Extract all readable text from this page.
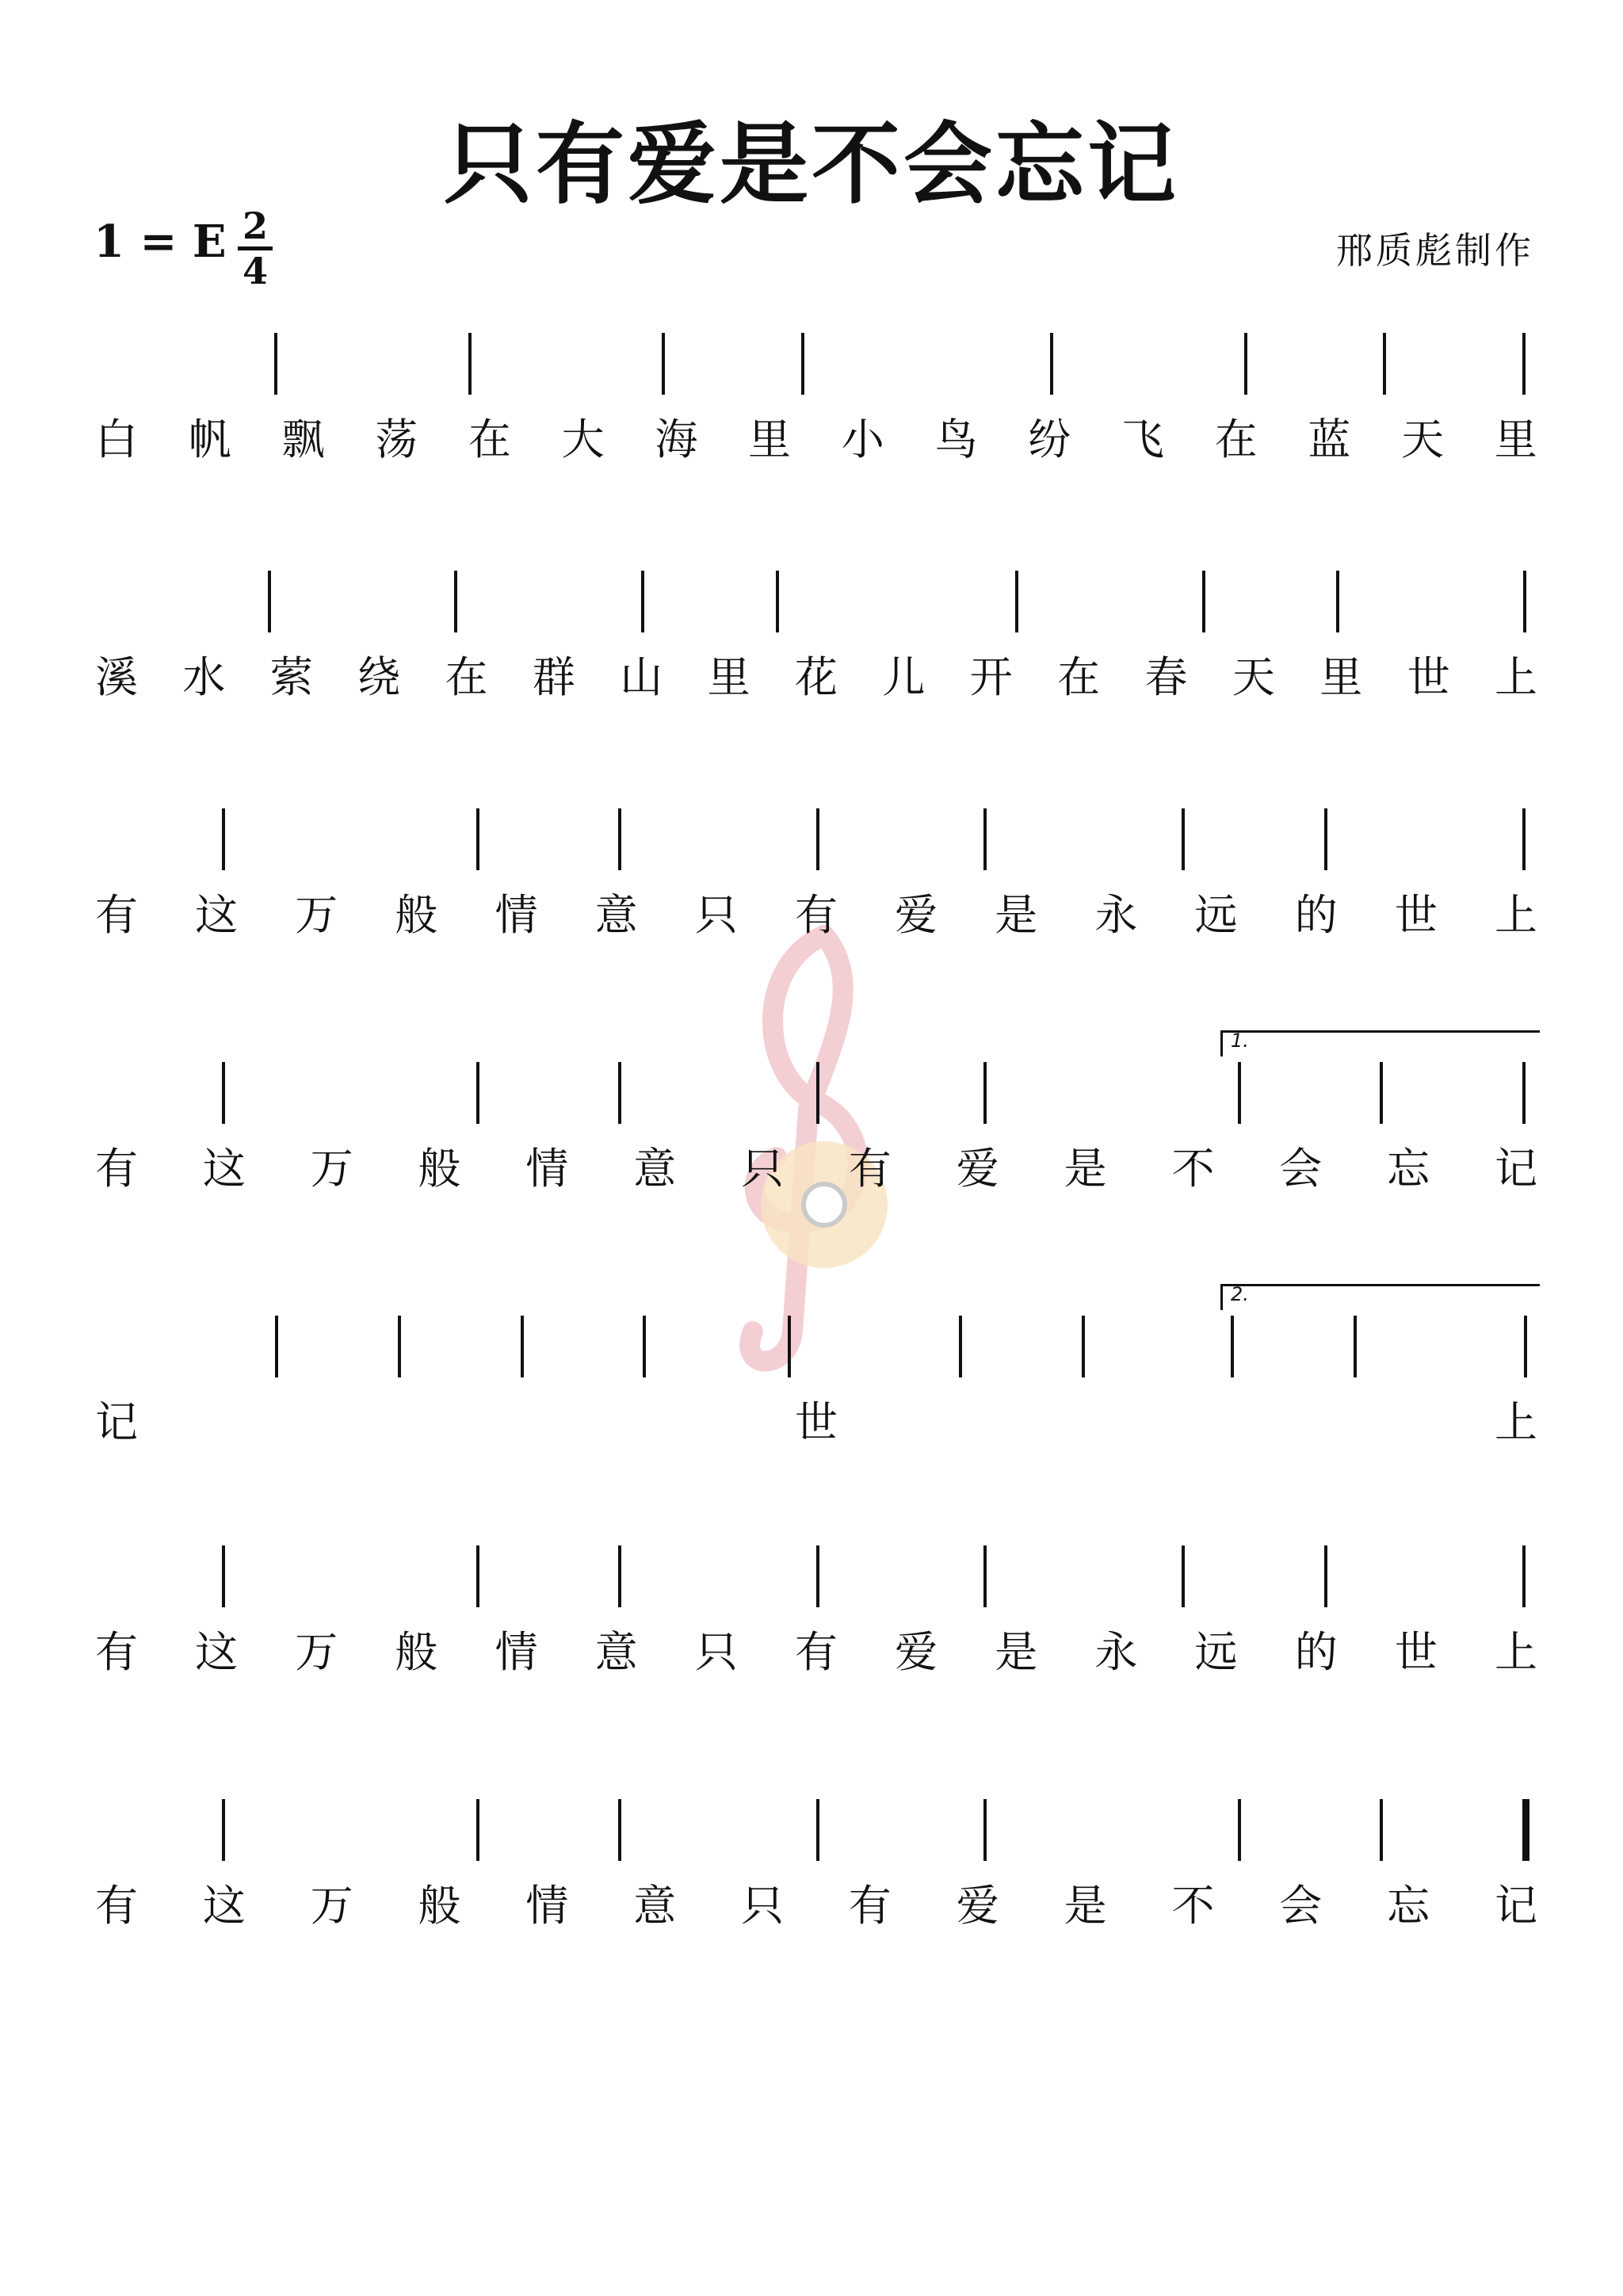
只有爱是不会忘记
1 = E 2
4	邢质彪制作
白 帆 飘 荡 在 大 海 里 小 鸟 纷 飞 在 蓝 天 里
溪 水 萦 绕 在 群 山 里 花 儿 开 在 春 天 里 世 上
有 这 万 般 情 意 只 有 爱 是 永 远 的 世 上
有 这 万 般 情 意 只 有 爱 是 不 会 忘 记
1.
记	世	上
2.
有 这 万 般 情 意 只 有 爱 是 永 远 的 世 上
有 这 万 般 情 意 只 有 爱 是 不 会 忘 记
